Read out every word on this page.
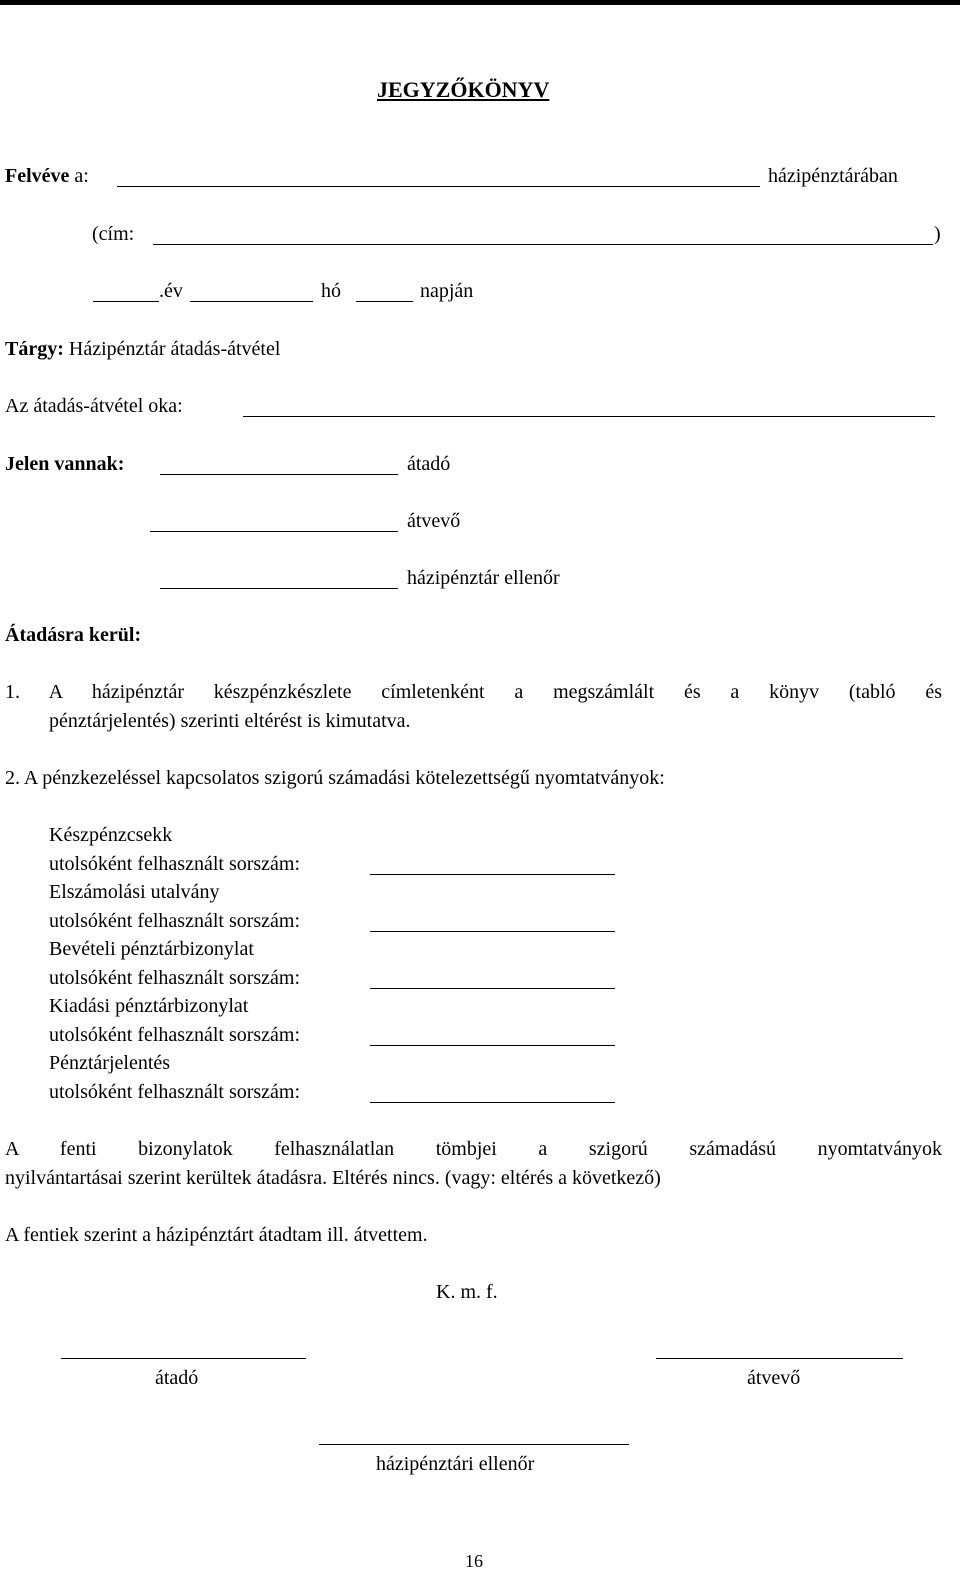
JEGYZŐKÖNYV
Felvéve a:	házipénztárában
(cím:	)
.év	hó	napján
Tárgy: Házipénztár átadás-átvétel
Az átadás-átvétel oka:
Jelen vannak:	átadó
átvevő
házipénztár ellenőr
Átadásra kerül:
1. A házipénztár készpénzkészlete címletenként a megszámlált és a könyv (tabló és
pénztárjelentés) szerinti eltérést is kimutatva.
2. A pénzkezeléssel kapcsolatos szigorú számadási kötelezettségű nyomtatványok:
Készpénzcsekk
utolsóként felhasznált sorszám:
Elszámolási utalvány
utolsóként felhasznált sorszám:
Bevételi pénztárbizonylat
utolsóként felhasznált sorszám:
Kiadási pénztárbizonylat
utolsóként felhasznált sorszám:
Pénztárjelentés
utolsóként felhasznált sorszám:
A fenti bizonylatok felhasználatlan tömbjei a szigorú számadású nyomtatványok
nyilvántartásai szerint kerültek átadásra. Eltérés nincs. (vagy: eltérés a következő)
A fentiek szerint a házipénztárt átadtam ill. átvettem.
K. m. f.
átadó	átvevő
házipénztári ellenőr
16
